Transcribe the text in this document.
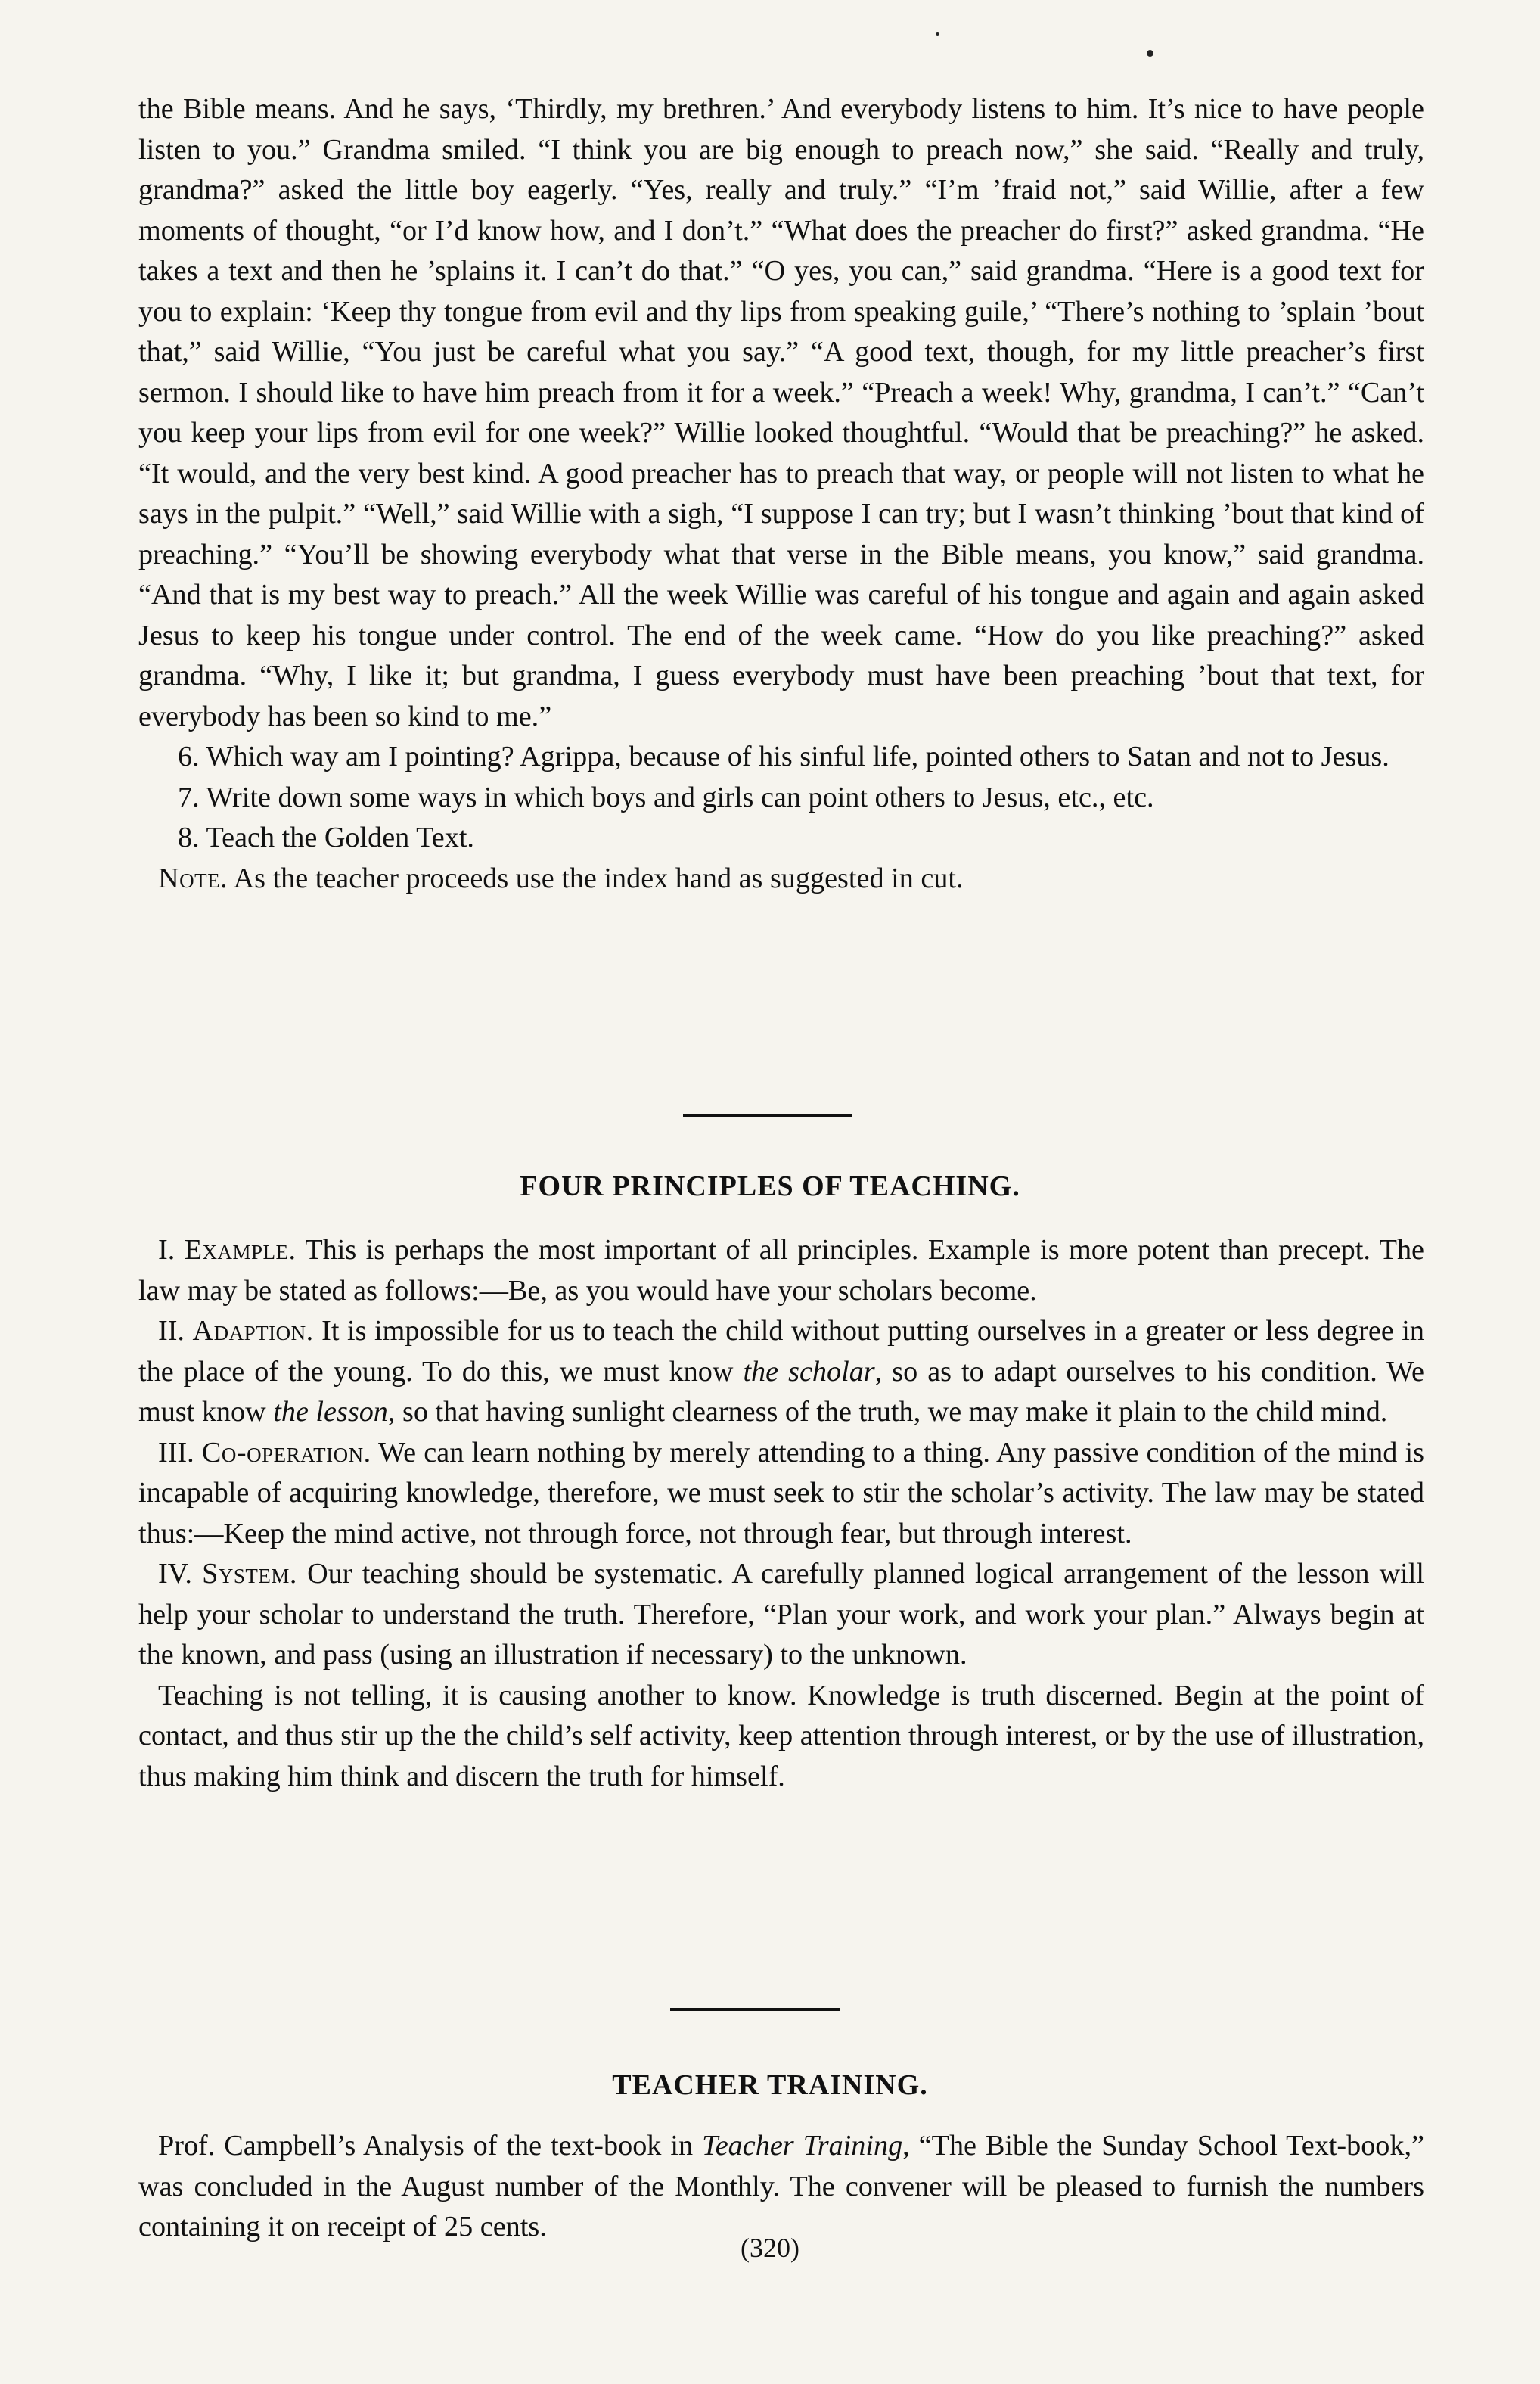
the Bible means. And he says, ‘Thirdly, my brethren.’ And everybody listens to him. It’s nice to have people listen to you.” Grandma smiled. “I think you are big enough to preach now,” she said. “Really and truly, grandma?” asked the little boy eagerly. “Yes, really and truly.” “I’m ’fraid not,” said Willie, after a few moments of thought, “or I’d know how, and I don’t.” “What does the preacher do first?” asked grandma. “He takes a text and then he ’splains it. I can’t do that.” “O yes, you can,” said grandma. “Here is a good text for you to explain: ‘Keep thy tongue from evil and thy lips from speaking guile,’ “There’s nothing to ’splain ’bout that,” said Willie, “You just be careful what you say.” “A good text, though, for my little preacher’s first sermon. I should like to have him preach from it for a week.” “Preach a week! Why, grandma, I can’t.” “Can’t you keep your lips from evil for one week?” Willie looked thoughtful. “Would that be preaching?” he asked. “It would, and the very best kind. A good preacher has to preach that way, or people will not listen to what he says in the pulpit.” “Well,” said Willie with a sigh, “I suppose I can try; but I wasn’t thinking ’bout that kind of preaching.” “You’ll be showing everybody what that verse in the Bible means, you know,” said grandma. “And that is my best way to preach.” All the week Willie was careful of his tongue and again and again asked Jesus to keep his tongue under control. The end of the week came. “How do you like preaching?” asked grandma. “Why, I like it; but grandma, I guess everybody must have been preaching ’bout that text, for everybody has been so kind to me.”

6. Which way am I pointing? Agrippa, because of his sinful life, pointed others to Satan and not to Jesus.

7. Write down some ways in which boys and girls can point others to Jesus, etc., etc.

8. Teach the Golden Text.

Note. As the teacher proceeds use the index hand as suggested in cut.

FOUR PRINCIPLES OF TEACHING.

I. Example. This is perhaps the most important of all principles. Example is more potent than precept. The law may be stated as follows:—Be, as you would have your scholars become.

II. Adaption. It is impossible for us to teach the child without putting ourselves in a greater or less degree in the place of the young. To do this, we must know the scholar, so as to adapt ourselves to his condition. We must know the lesson, so that having sunlight clearness of the truth, we may make it plain to the child mind.

III. Co-operation. We can learn nothing by merely attending to a thing. Any passive condition of the mind is incapable of acquiring knowledge, therefore, we must seek to stir the scholar’s activity. The law may be stated thus:—Keep the mind active, not through force, not through fear, but through interest.

IV. System. Our teaching should be systematic. A carefully planned logical arrangement of the lesson will help your scholar to understand the truth. Therefore, “Plan your work, and work your plan.” Always begin at the known, and pass (using an illustration if necessary) to the unknown.

Teaching is not telling, it is causing another to know. Knowledge is truth discerned. Begin at the point of contact, and thus stir up the the child’s self activity, keep attention through interest, or by the use of illustration, thus making him think and discern the truth for himself.

TEACHER TRAINING.

Prof. Campbell’s Analysis of the text-book in Teacher Training, “The Bible the Sunday School Text-book,” was concluded in the August number of the Monthly. The convener will be pleased to furnish the numbers containing it on receipt of 25 cents.

(320)
